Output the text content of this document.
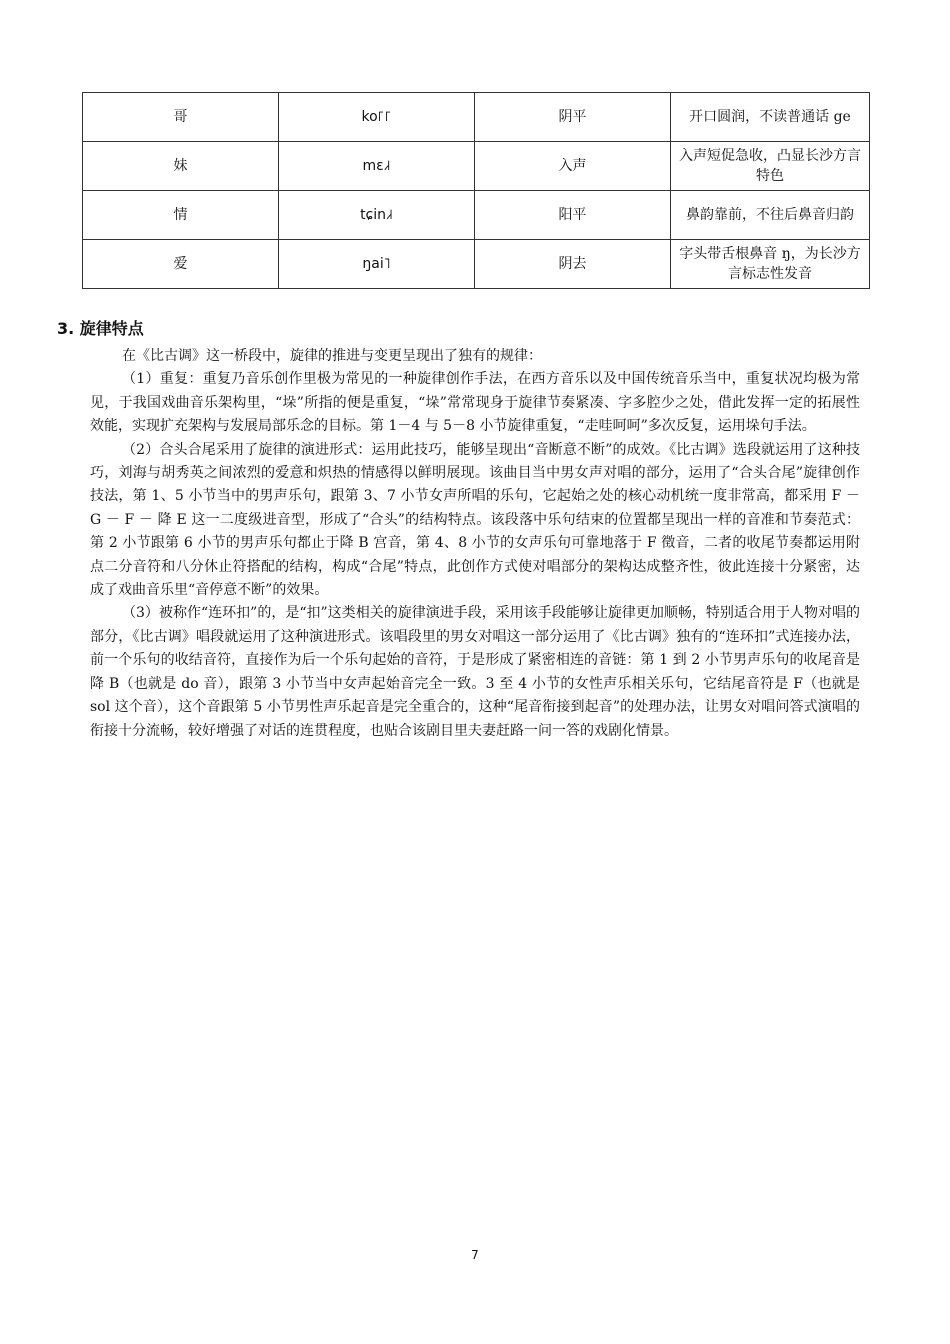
哥	ko꜒꜒	阴平	开口圆润，不读普通话 ge
妹	mɛ˩˧	入声	入声短促急收，凸显长沙方言特色
情	tɕin˩˧	阳平	鼻韵靠前，不往后鼻音归韵
爱	ŋai˥	阴去	字头带舌根鼻音 ŋ，为长沙方言标志性发音
3. 旋律特点

在《比古调》这一桥段中，旋律的推进与变更呈现出了独有的规律：

（1）重复：重复乃音乐创作里极为常见的一种旋律创作手法，在西方音乐以及中国传统音乐当中，重复状况均极为常见，于我国戏曲音乐架构里，“垛”所指的便是重复，“垛”常常现身于旋律节奏紧凑、字多腔少之处，借此发挥一定的拓展性效能，实现扩充架构与发展局部乐念的目标。第 1－4 与 5－8 小节旋律重复，“走哇呵呵”多次反复，运用垛句手法。

（2）合头合尾采用了旋律的演进形式：运用此技巧，能够呈现出“音断意不断”的成效。《比古调》选段就运用了这种技巧，刘海与胡秀英之间浓烈的爱意和炽热的情感得以鲜明展现。该曲目当中男女声对唱的部分，运用了“合头合尾”旋律创作技法，第 1、5 小节当中的男声乐句，跟第 3、7 小节女声所唱的乐句，它起始之处的核心动机统一度非常高，都采用 F － G － F － 降 E 这一二度级进音型，形成了“合头”的结构特点。该段落中乐句结束的位置都呈现出一样的音准和节奏范式：第 2 小节跟第 6 小节的男声乐句都止于降 B 宫音，第 4、8 小节的女声乐句可靠地落于 F 徵音，二者的收尾节奏都运用附点二分音符和八分休止符搭配的结构，构成“合尾”特点，此创作方式使对唱部分的架构达成整齐性，彼此连接十分紧密，达成了戏曲音乐里“音停意不断”的效果。

（3）被称作“连环扣”的，是“扣”这类相关的旋律演进手段，采用该手段能够让旋律更加顺畅，特别适合用于人物对唱的部分，《比古调》唱段就运用了这种演进形式。该唱段里的男女对唱这一部分运用了《比古调》独有的“连环扣”式连接办法，前一个乐句的收结音符，直接作为后一个乐句起始的音符，于是形成了紧密相连的音链：第 1 到 2 小节男声乐句的收尾音是降 B（也就是 do 音），跟第 3 小节当中女声起始音完全一致。3 至 4 小节的女性声乐相关乐句，它结尾音符是 F（也就是 sol 这个音），这个音跟第 5 小节男性声乐起音是完全重合的，这种“尾音衔接到起音”的处理办法，让男女对唱问答式演唱的衔接十分流畅，较好增强了对话的连贯程度，也贴合该剧目里夫妻赶路一问一答的戏剧化情景。

7
